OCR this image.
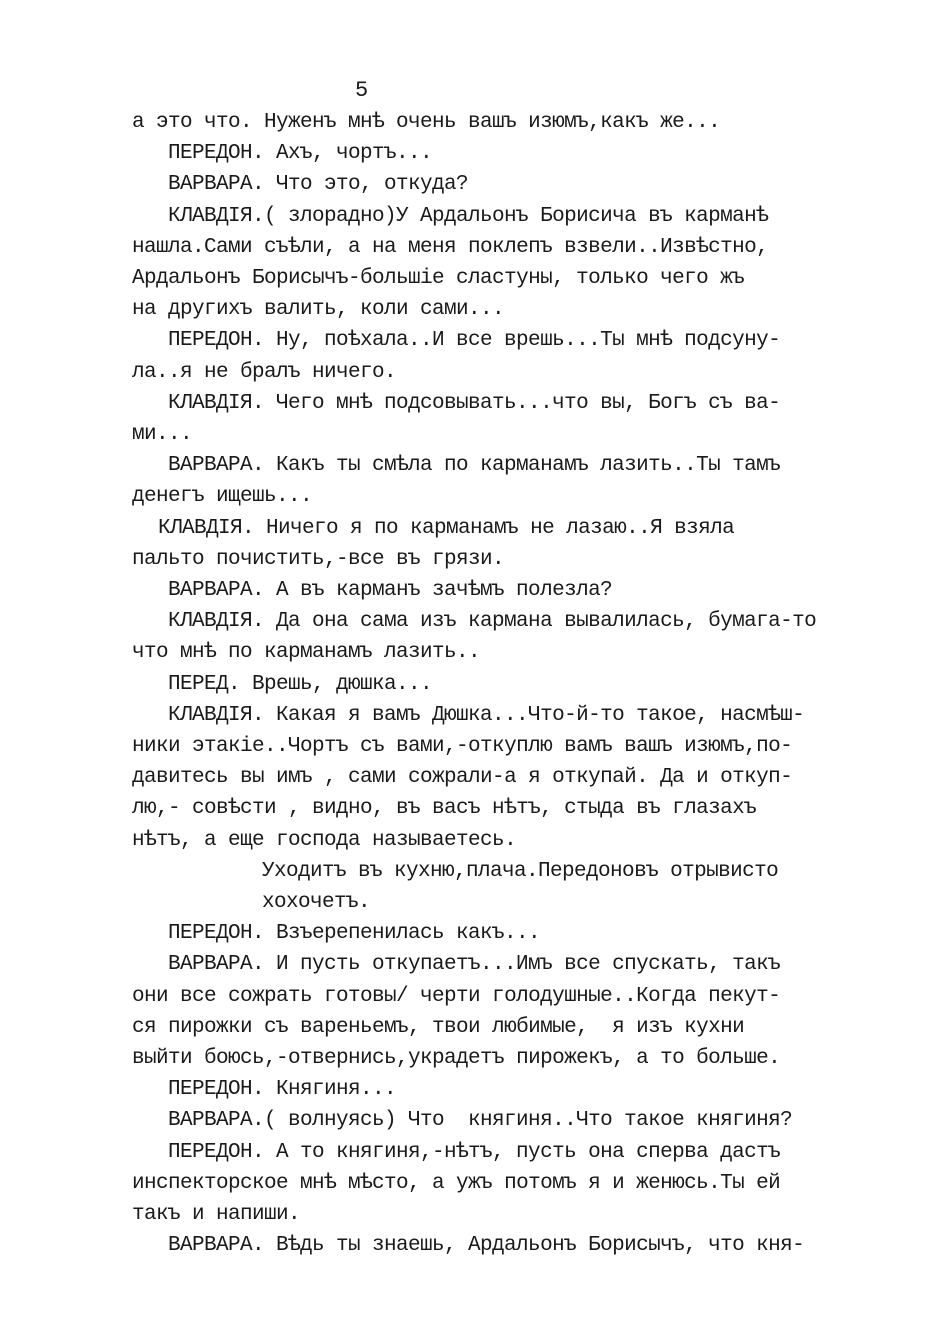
5
а это что. Нуженъ мнѣ очень вашъ изюмъ,какъ же...
ПЕРЕДОН. Ахъ, чортъ...
ВАРВАРА. Что это, откуда?
КЛАВДIЯ.( злорадно)У Ардальонъ Борисича въ карманѣ
нашла.Сами съѣли, а на меня поклепъ взвели..Извѣстно,
Ардальонъ Борисычъ-большiе сластуны, только чего жъ
на другихъ валить, коли сами...
ПЕРЕДОН. Ну, поѣхала..И все врешь...Ты мнѣ подсуну-
ла..я не бралъ ничего.
КЛАВДIЯ. Чего мнѣ подсовывать...что вы, Богъ съ ва-
ми...
ВАРВАРА. Какъ ты смѣла по карманамъ лазить..Ты тамъ
денегъ ищешь...
КЛАВДIЯ. Ничего я по карманамъ не лазаю..Я взяла
пальто почистить,-все въ грязи.
ВАРВАРА. А въ карманъ зачѣмъ полезла?
КЛАВДIЯ. Да она сама изъ кармана вывалилась, бумага-то
что мнѣ по карманамъ лазить..
ПЕРЕД. Врешь, дюшка...
КЛАВДIЯ. Какая я вамъ Дюшка...Что-й-то такое, насмѣш-
ники этакiе..Чортъ съ вами,-откуплю вамъ вашъ изюмъ,по-
давитесь вы имъ , сами сожрали-а я откупай. Да и откуп-
лю,- совѣсти , видно, въ васъ нѣтъ, стыда въ глазахъ
нѣтъ, а еще господа называетесь.
Уходитъ въ кухню,плача.Передоновъ отрывисто
хохочетъ.
ПЕРЕДОН. Взъерепенилась какъ...
ВАРВАРА. И пусть откупаетъ...Имъ все спускать, такъ
они все сожрать готовы/ черти голодушные..Когда пекут-
ся пирожки съ вареньемъ, твои любимые,  я изъ кухни
выйти боюсь,-отвернись,украдетъ пирожекъ, а то больше.
ПЕРЕДОН. Княгиня...
ВАРВАРА.( волнуясь) Что  княгиня..Что такое княгиня?
ПЕРЕДОН. А то княгиня,-нѣтъ, пусть она сперва дастъ
инспекторское мнѣ мѣсто, а ужъ потомъ я и женюсь.Ты ей
такъ и напиши.
ВАРВАРА. Вѣдь ты знаешь, Ардальонъ Борисычъ, что кня-
